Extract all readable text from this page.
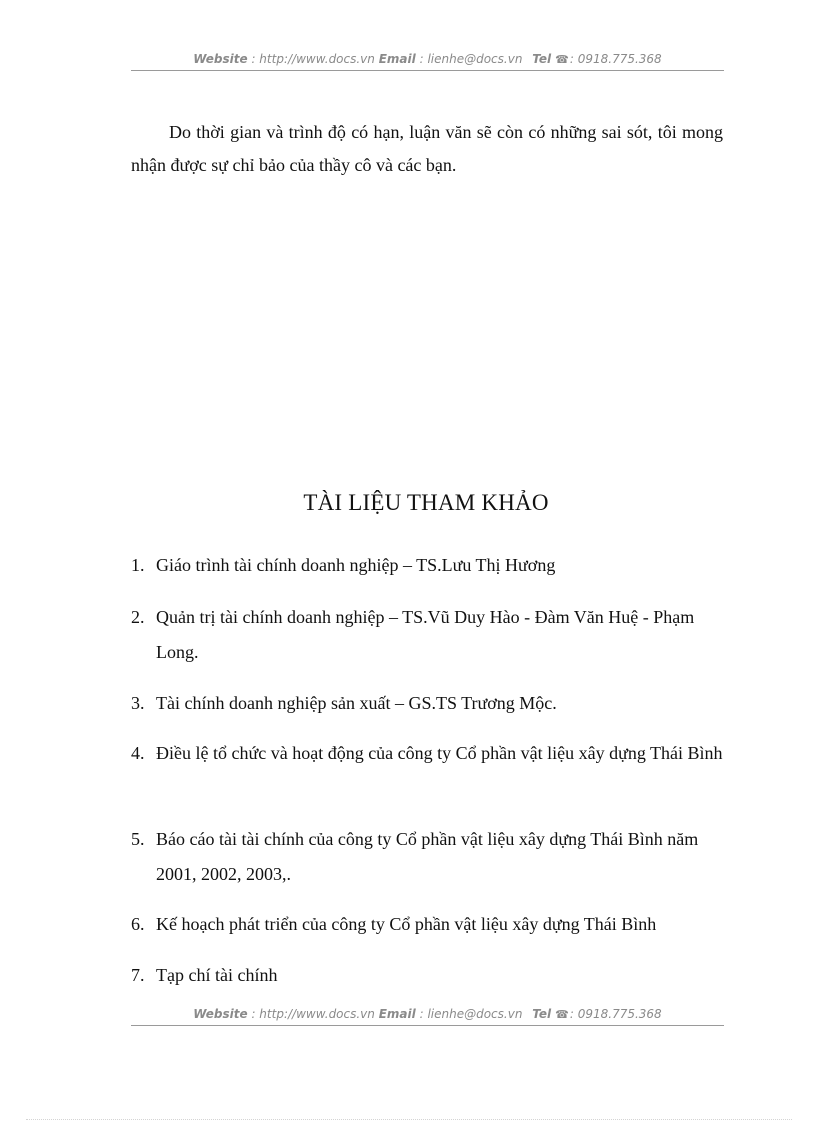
Website : http://www.docs.vn Email : lienhe@docs.vn Tel ☎: 0918.775.368

Do thời gian và trình độ có hạn, luận văn sẽ còn có những sai sót, tôi mong nhận được sự chỉ bảo của thầy cô và các bạn.

TÀI LIỆU THAM KHẢO
1. Giáo trình tài chính doanh nghiệp – TS.Lưu Thị Hương
2. Quản trị tài chính doanh nghiệp – TS.Vũ Duy Hào - Đàm Văn Huệ - Phạm Long.
3. Tài chính doanh nghiệp sản xuất – GS.TS Trương Mộc.
4. Điều lệ tổ chức và hoạt động của công ty Cổ phần vật liệu xây dựng Thái Bình
5. Báo cáo tài tài chính của công ty Cổ phần vật liệu xây dựng Thái Bình năm 2001, 2002, 2003,.
6. Kế hoạch phát triển của công ty Cổ phần vật liệu xây dựng Thái Bình
7. Tạp chí tài chính
Website : http://www.docs.vn Email : lienhe@docs.vn Tel ☎: 0918.775.368
